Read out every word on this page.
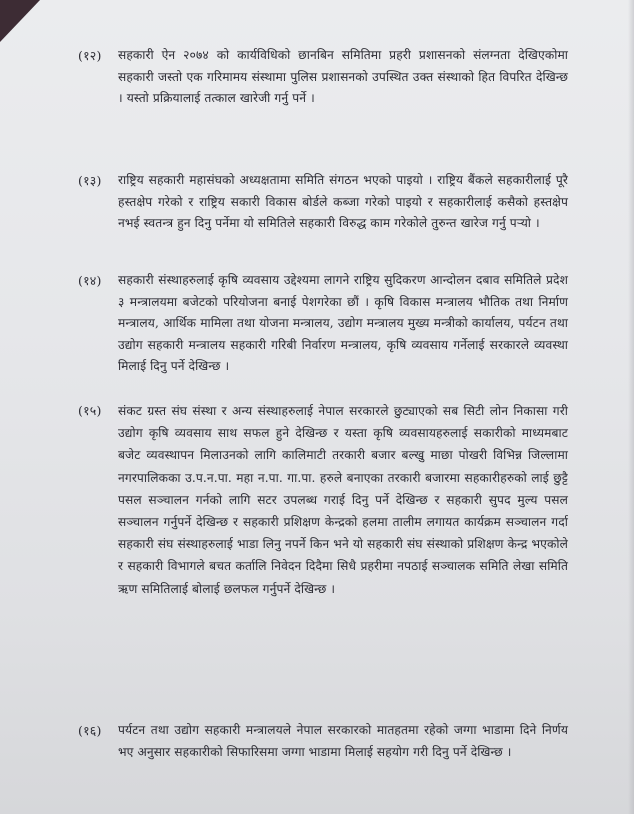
(१२)	सहकारी ऐन २०७४ को कार्यविधिको छानबिन समितिमा प्रहरी प्रशासनको संलग्नता देखिएकोमा सहकारी जस्तो एक गरिमामय संस्थामा पुलिस प्रशासनको उपस्थित उक्त संस्थाको हित विपरित देखिन्छ । यस्तो प्रक्रियालाई तत्काल खारेजी गर्नु पर्ने ।
(१३)	राष्ट्रिय सहकारी महासंघको अध्यक्षतामा समिति संगठन भएको पाइयो । राष्ट्रिय बैंकले सहकारीलाई पूरै हस्तक्षेप गरेको र राष्ट्रिय सकारी विकास बोर्डले कब्जा गरेको पाइयो र सहकारीलाई कसैको हस्तक्षेप नभई स्वतन्त्र हुन दिनु पर्नेमा यो समितिले सहकारी विरुद्ध काम गरेकोले तुरुन्त खारेज गर्नु पर्‍यो ।
(१४)	सहकारी संस्थाहरुलाई कृषि व्यवसाय उद्देश्यमा लागने राष्ट्रिय सुदिकरण आन्दोलन दबाव समितिले प्रदेश ३ मन्त्रालयमा बजेटको परियोजना बनाई पेशगरेका छौं । कृषि विकास मन्त्रालय भौतिक तथा निर्माण मन्त्रालय, आर्थिक मामिला तथा योजना मन्त्रालय, उद्योग मन्त्रालय मुख्य मन्त्रीको कार्यालय, पर्यटन तथा उद्योग सहकारी मन्त्रालय सहकारी गरिबी निर्वारण मन्त्रालय, कृषि व्यवसाय गर्नेलाई सरकारले व्यवस्था मिलाई दिनु पर्ने देखिन्छ ।
(१५)	संकट ग्रस्त संघ संस्था र अन्य संस्थाहरुलाई नेपाल सरकारले छुट्याएको सब सिटी लोन निकासा गरी उद्योग कृषि व्यवसाय साथ सफल हुने देखिन्छ र यस्ता कृषि व्यवसायहरुलाई सकारीको माध्यमबाट बजेट व्यवस्थापन मिलाउनको लागि कालिमाटी तरकारी बजार बल्खु माछा पोखरी विभिन्न जिल्लामा नगरपालिकका उ.प.न.पा. महा न.पा. गा.पा. हरुले बनाएका तरकारी बजारमा सहकारीहरुको लाई छुट्टै पसल सञ्चालन गर्नको लागि सटर उपलब्ध गराई दिनु पर्ने देखिन्छ र सहकारी सुपद मुल्य पसल सञ्चालन गर्नुपर्ने देखिन्छ र सहकारी प्रशिक्षण केन्द्रको हलमा तालीम लगायत कार्यक्रम सञ्चालन गर्दा सहकारी संघ संस्थाहरुलाई भाडा लिनु नपर्ने किन भने यो सहकारी संघ संस्थाको प्रशिक्षण केन्द्र भएकोले र सहकारी विभागले बचत कर्तालि निवेदन दिदैमा सिधै प्रहरीमा नपठाई सञ्चालक समिति लेखा समिति ऋण समितिलाई बोलाई छलफल गर्नुपर्ने देखिन्छ ।
(१६)	पर्यटन तथा उद्योग सहकारी मन्त्रालयले नेपाल सरकारको मातहतमा रहेको जग्गा भाडामा दिने निर्णय भए अनुसार सहकारीको सिफारिसमा जग्गा भाडामा मिलाई सहयोग गरी दिनु पर्ने देखिन्छ ।
